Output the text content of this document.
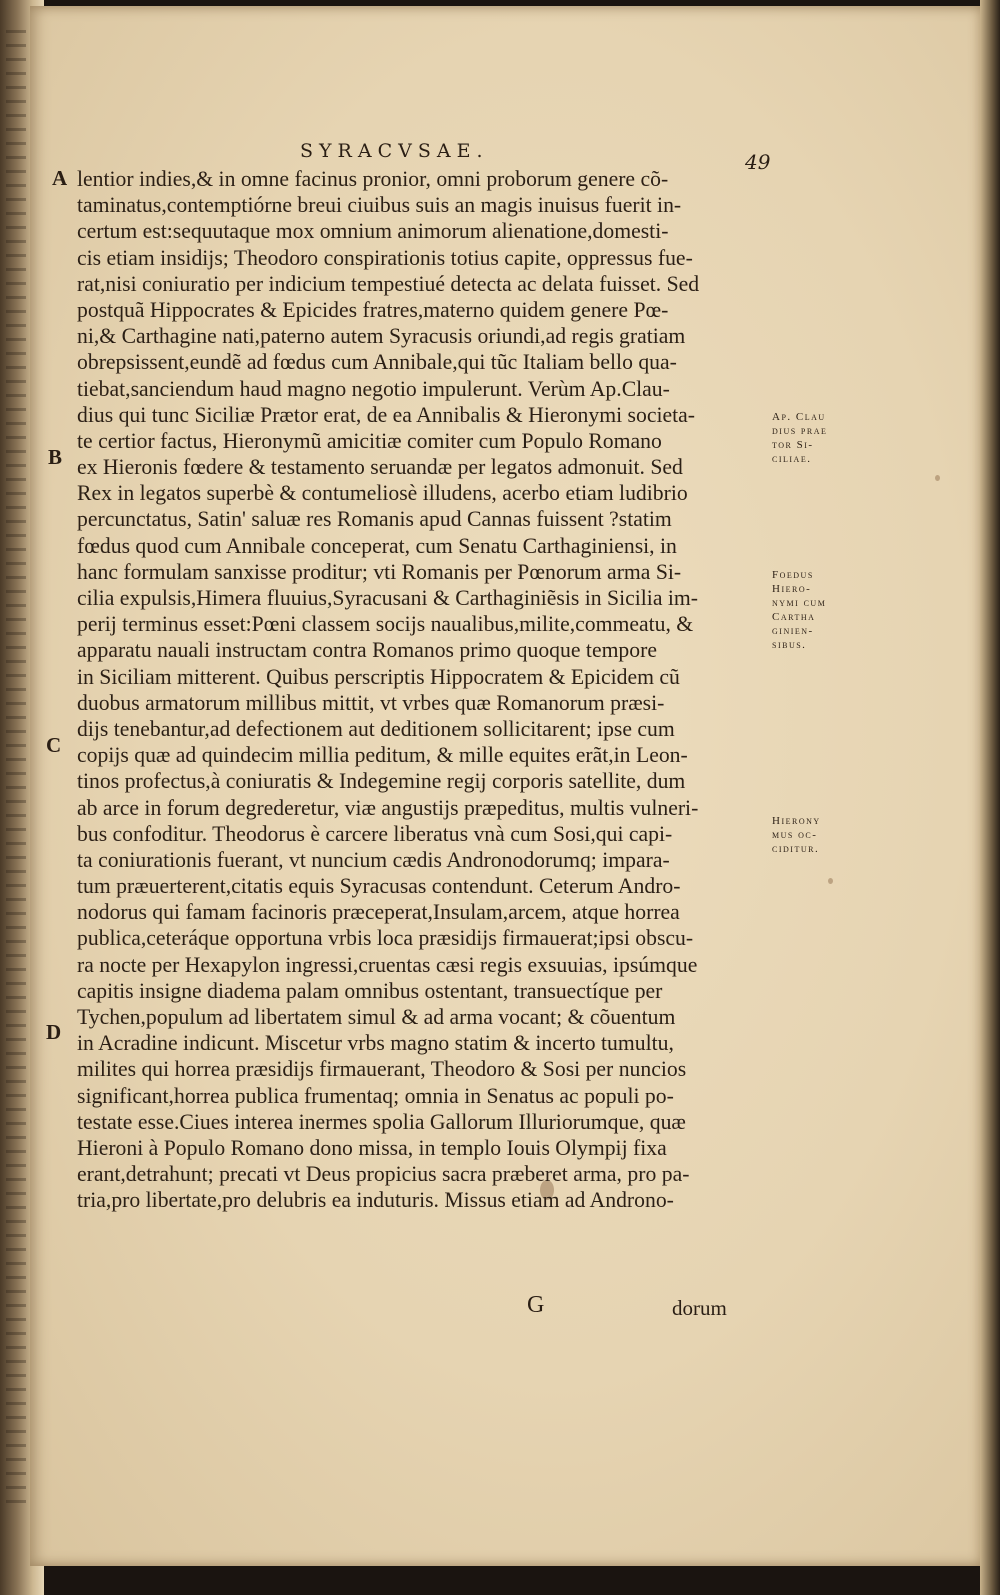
SYRACVSAE.	49
A
B
C
D
lentior indies,& in omne facinus pronior, omni proborum genere cõ-
taminatus,contemptiórne breui ciuibus suis an magis inuisus fuerit in-
certum est:sequutaque mox omnium animorum alienatione,domesti-
cis etiam insidijs; Theodoro conspirationis totius capite, oppressus fue-
rat,nisi coniuratio per indicium tempestiué detecta ac delata fuisset. Sed
postquã Hippocrates & Epicides fratres,materno quidem genere Pœ-
ni,& Carthagine nati,paterno autem Syracusis oriundi,ad regis gratiam
obrepsissent,eundẽ ad fœdus cum Annibale,qui tũc Italiam bello qua-
tiebat,sanciendum haud magno negotio impulerunt. Verùm Ap.Clau-
dius qui tunc Siciliæ Prætor erat, de ea Annibalis & Hieronymi societa-
te certior factus, Hieronymũ amicitiæ comiter cum Populo Romano
ex Hieronis fœdere & testamento seruandæ per legatos admonuit. Sed
Rex in legatos superbè & contumeliosè illudens, acerbo etiam ludibrio
percunctatus, Satin' saluæ res Romanis apud Cannas fuissent ?statim
fœdus quod cum Annibale conceperat, cum Senatu Carthaginiensi, in
hanc formulam sanxisse proditur; vti Romanis per Pœnorum arma Si-
cilia expulsis,Himera fluuius,Syracusani & Carthaginiẽsis in Sicilia im-
perij terminus esset:Pœni classem socijs naualibus,milite,commeatu, &
apparatu nauali instructam contra Romanos primo quoque tempore
in Siciliam mitterent. Quibus perscriptis Hippocratem & Epicidem cũ
duobus armatorum millibus mittit, vt vrbes quæ Romanorum præsi-
dijs tenebantur,ad defectionem aut deditionem sollicitarent; ipse cum
copijs quæ ad quindecim millia peditum, & mille equites erãt,in Leon-
tinos profectus,à coniuratis & Indegemine regij corporis satellite, dum
ab arce in forum degrederetur, viæ angustijs præpeditus, multis vulneri-
bus confoditur. Theodorus è carcere liberatus vnà cum Sosi,qui capi-
ta coniurationis fuerant, vt nuncium cædis Andronodorumq; impara-
tum præuerterent,citatis equis Syracusas contendunt. Ceterum Andro-
nodorus qui famam facinoris præceperat,Insulam,arcem, atque horrea
publica,ceteráque opportuna vrbis loca præsidijs firmauerat;ipsi obscu-
ra nocte per Hexapylon ingressi,cruentas cæsi regis exsuuias, ipsúmque
capitis insigne diadema palam omnibus ostentant, transuectíque per
Tychen,populum ad libertatem simul & ad arma vocant; & cõuentum
in Acradine indicunt. Miscetur vrbs magno statim & incerto tumultu,
milites qui horrea præsidijs firmauerant, Theodoro & Sosi per nuncios
significant,horrea publica frumentaq; omnia in Senatus ac populi po-
testate esse.Ciues interea inermes spolia Gallorum Illuriorumque, quæ
Hieroni à Populo Romano dono missa, in templo Iouis Olympij fixa
erant,detrahunt; precati vt Deus propicius sacra præberet arma, pro pa-
tria,pro libertate,pro delubris ea induturis. Missus etiam ad Androno-
Ap. Clau
dius prae
tor Si-
ciliae.
Foedus
Hiero-
nymi cum
Cartha
ginien-
sibus.
Hierony
mus oc-
ciditur.
G	dorum
